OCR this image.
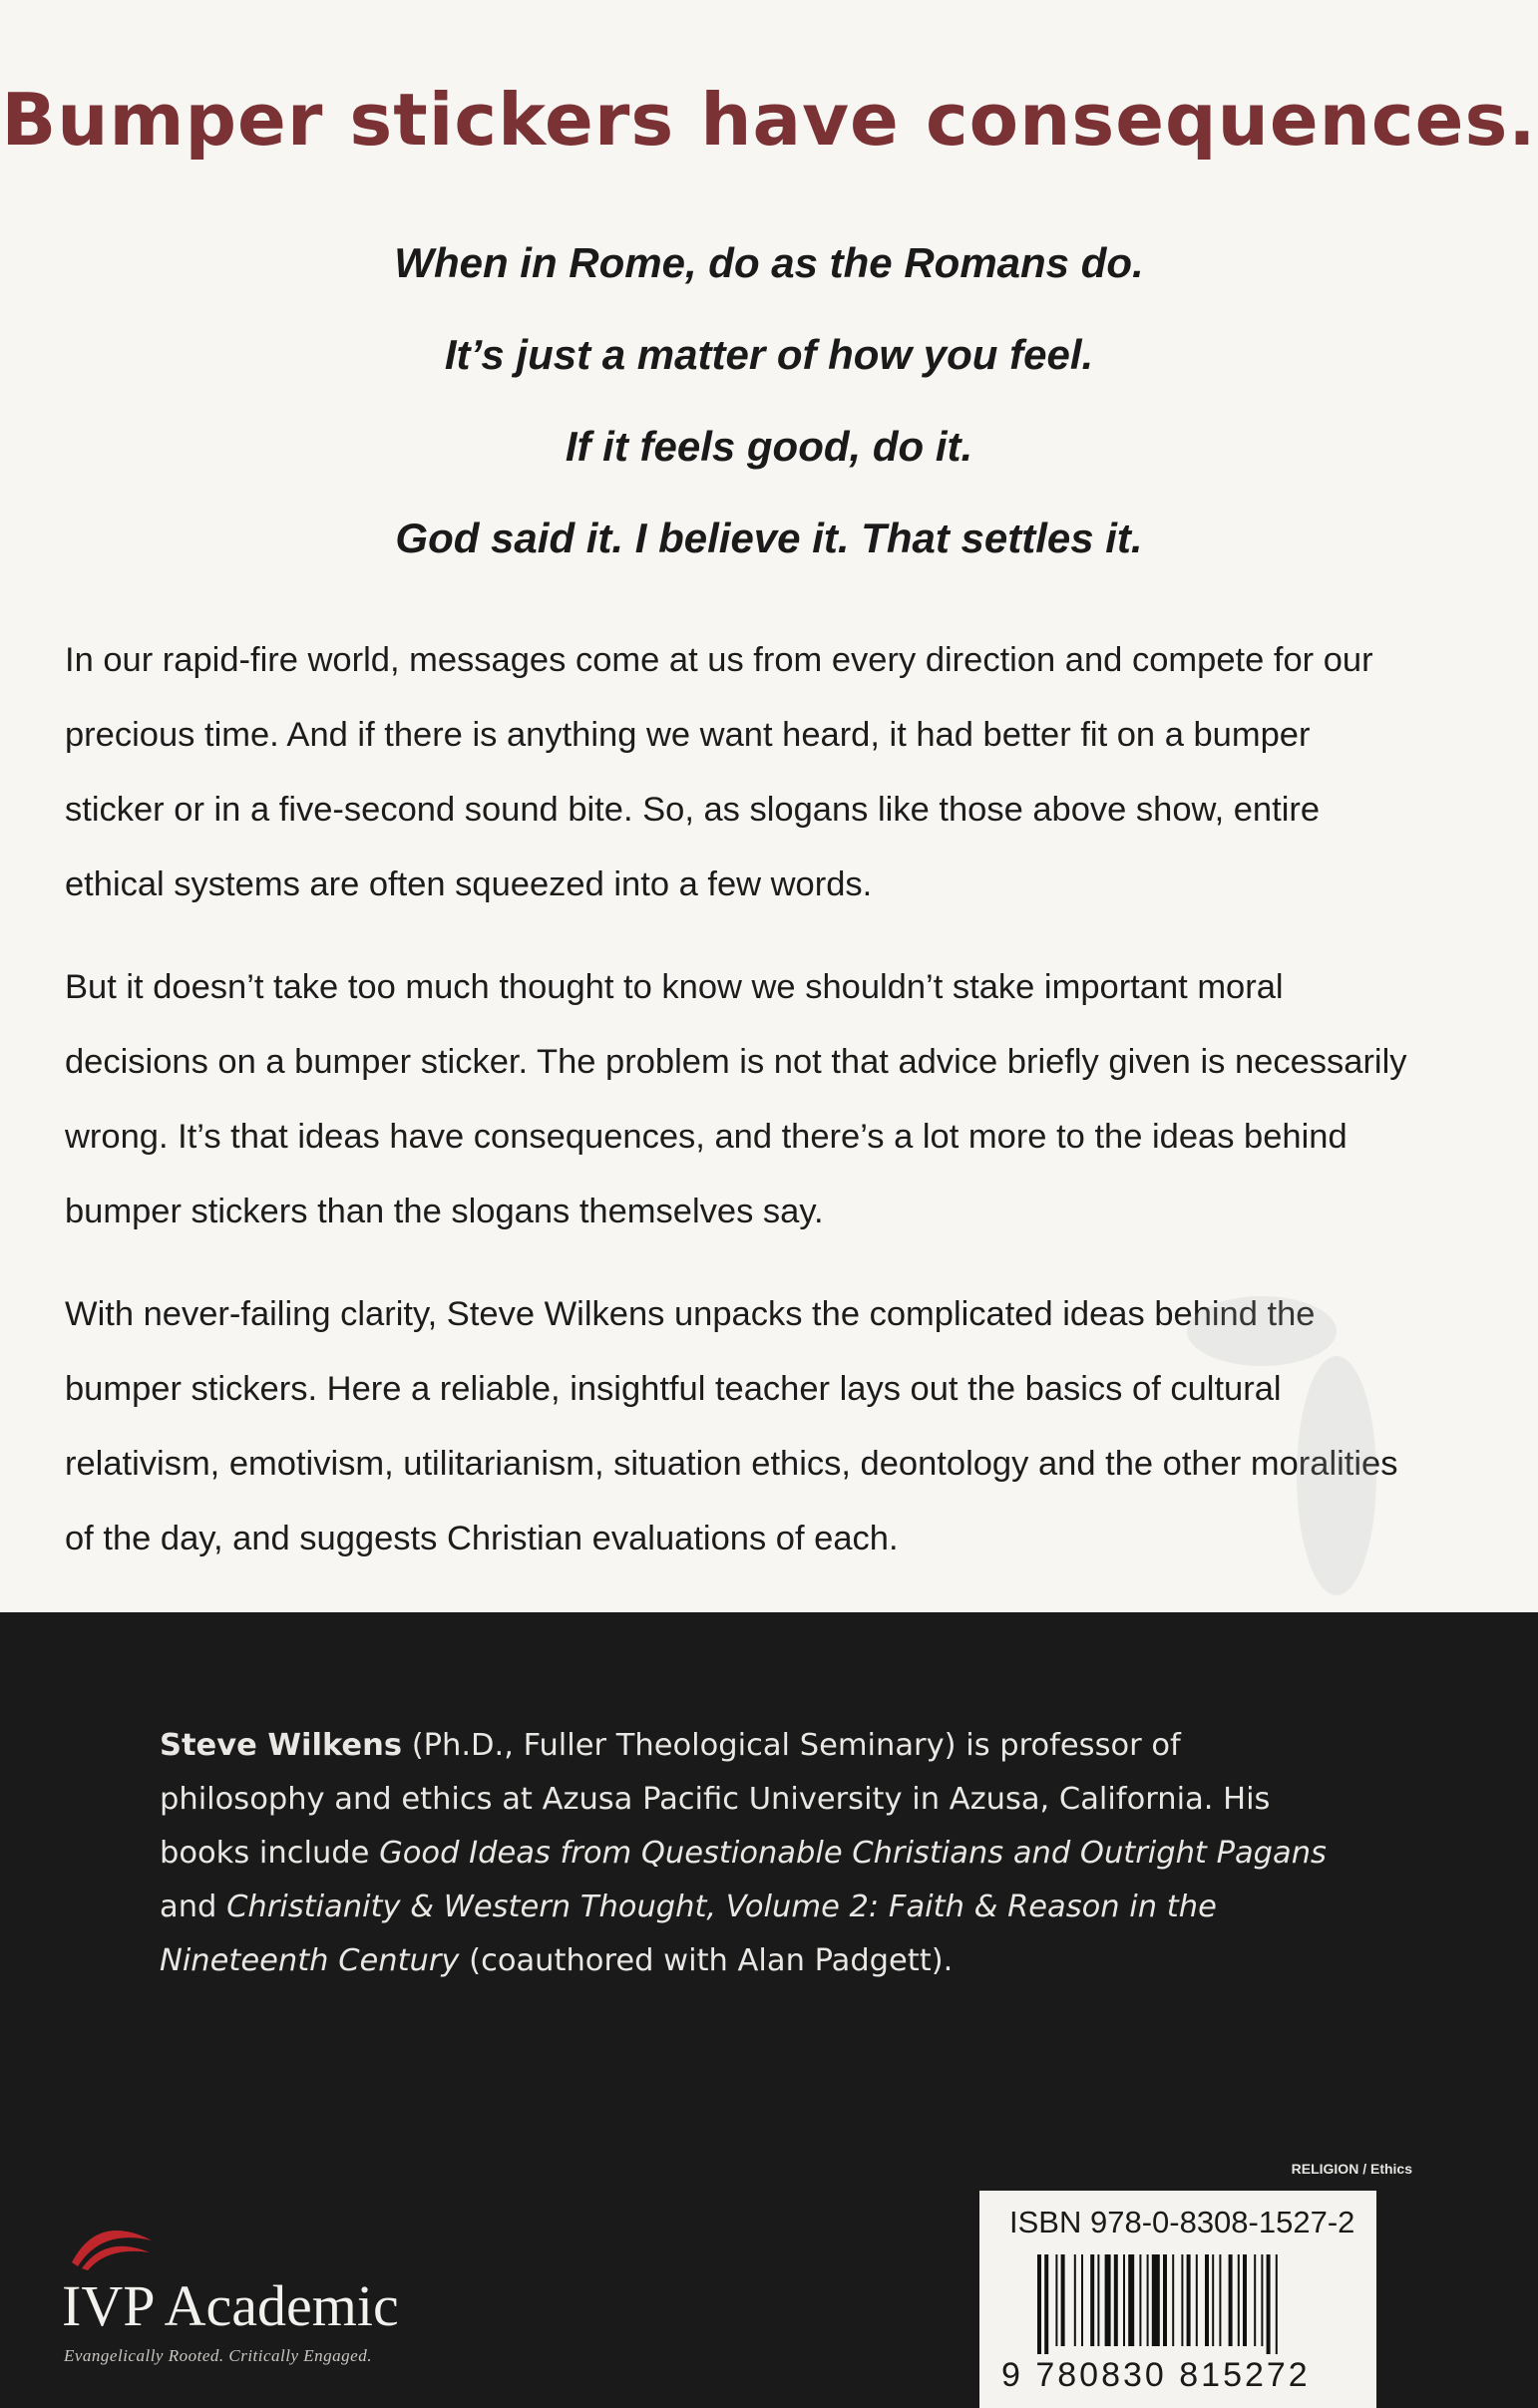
Bumper stickers have consequences.
When in Rome, do as the Romans do.
It’s just a matter of how you feel.
If it feels good, do it.
God said it. I believe it. That settles it.

In our rapid-fire world, messages come at us from every direction and compete for our precious time. And if there is anything we want heard, it had better fit on a bumper sticker or in a five-second sound bite. So, as slogans like those above show, entire ethical systems are often squeezed into a few words.

But it doesn’t take too much thought to know we shouldn’t stake important moral decisions on a bumper sticker. The problem is not that advice briefly given is necessarily wrong. It’s that ideas have consequences, and there’s a lot more to the ideas behind bumper stickers than the slogans themselves say.

With never-failing clarity, Steve Wilkens unpacks the complicated ideas behind the bumper stickers. Here a reliable, insightful teacher lays out the basics of cultural relativism, emotivism, utilitarianism, situation ethics, deontology and the other moralities of the day, and suggests Christian evaluations of each.

Steve Wilkens (Ph.D., Fuller Theological Seminary) is professor of philosophy and ethics at Azusa Pacific University in Azusa, California. His books include Good Ideas from Questionable Christians and Outright Pagans and Christianity & Western Thought, Volume 2: Faith & Reason in the Nineteenth Century (coauthored with Alan Padgett).

IVP Academic
Evangelically Rooted. Critically Engaged.
RELIGION / Ethics
ISBN 978-0-8308-1527-2
9 780830 815272
